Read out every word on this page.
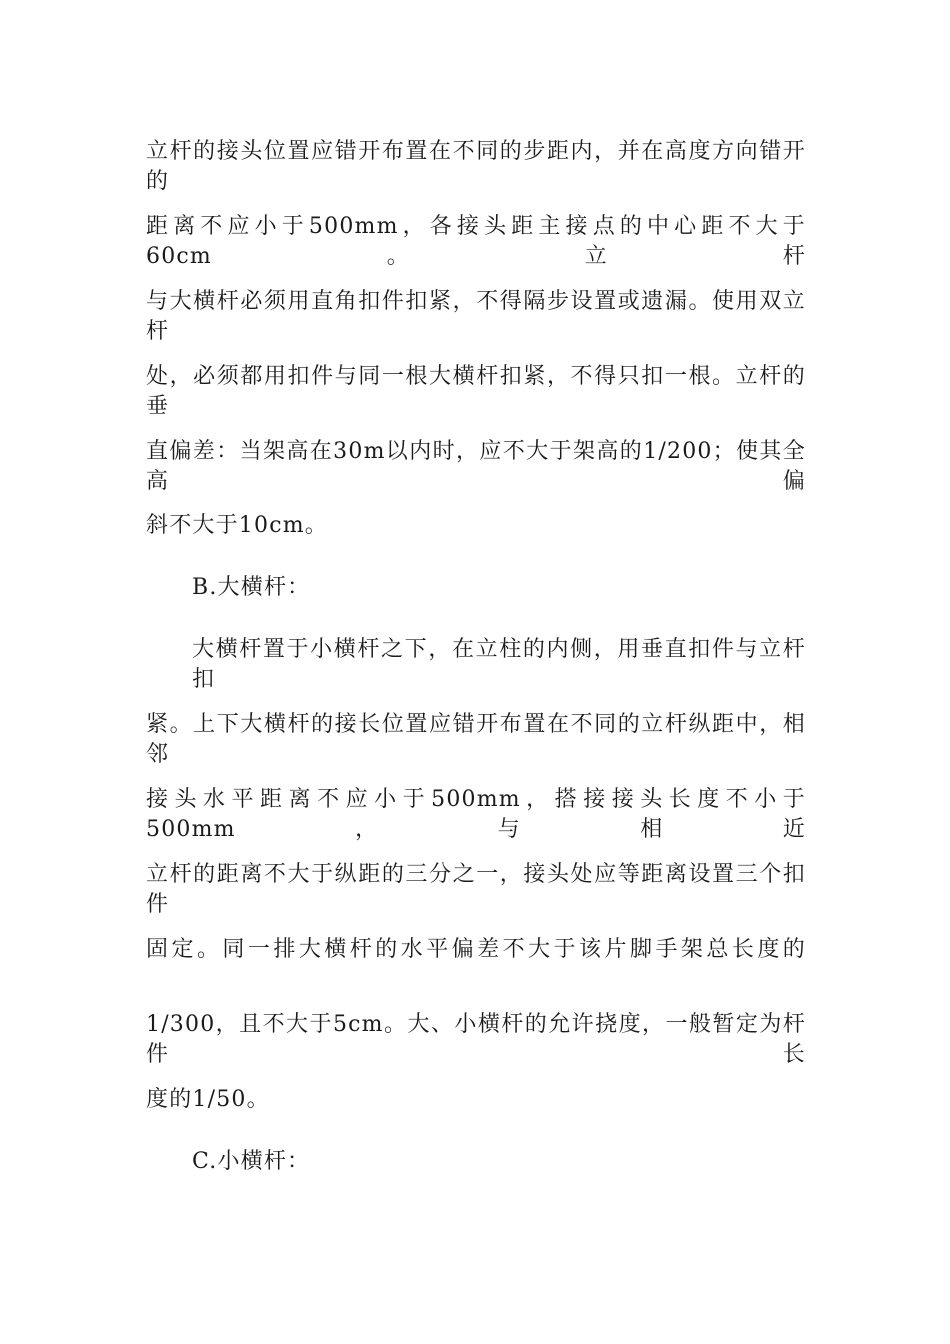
立杆的接头位置应错开布置在不同的步距内，并在高度方向错开的
距离不应小于500mm，各接头距主接点的中心距不大于60cm。立杆
与大横杆必须用直角扣件扣紧，不得隔步设置或遗漏。使用双立杆
处，必须都用扣件与同一根大横杆扣紧，不得只扣一根。立杆的垂
直偏差：当架高在30m以内时，应不大于架高的1/200；使其全高偏
斜不大于10cm。
B.大横杆：
大横杆置于小横杆之下，在立柱的内侧，用垂直扣件与立杆扣
紧。上下大横杆的接长位置应错开布置在不同的立杆纵距中，相邻
接头水平距离不应小于500mm，搭接接头长度不小于500mm，与相近
立杆的距离不大于纵距的三分之一，接头处应等距离设置三个扣件
固定。同一排大横杆的水平偏差不大于该片脚手架总长度的
1/300，且不大于5cm。大、小横杆的允许挠度，一般暂定为杆件长
度的1/50。
C.小横杆：
